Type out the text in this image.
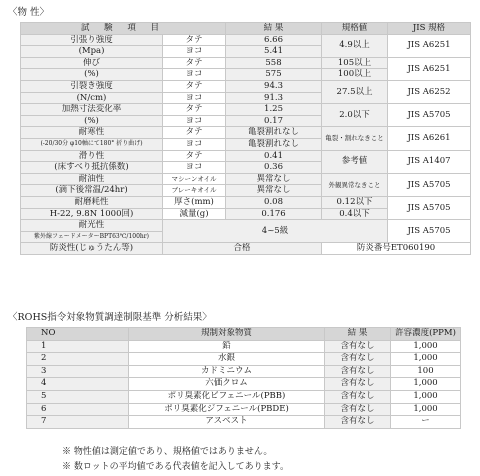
〈物 性〉
試 験 項 目		結 果	規格値	JIS 規格
引張り強度	タテ	6.66	4.9以上	JIS A6251
(Mpa)	ヨコ	5.41		
伸び	タテ	558	105以上	JIS A6251
(%)	ヨコ	575	100以上	
引裂き強度	タテ	94.3	27.5以上	JIS A6252
(N/cm)	ヨコ	91.3		
加熱寸法変化率	タテ	1.25	2.0以下	JIS A5705
(%)	ヨコ	0.17		
耐寒性	タテ	亀裂割れなし	亀裂・割れなきこと	JIS A6261
(-20/30分 φ10軸にて180° 折り曲げ)	ヨコ	亀裂割れなし		
滑り性	タテ	0.41	参考値	JIS A1407
(床すべり抵抗係数)	ヨコ	0.36		
耐油性	マシーンオイル	異常なし	外観異常なきこと	JIS A5705
(滴下後常温/24hr)	ブレーキオイル	異常なし		
耐磨耗性	厚さ(mm)	0.08	0.12以下	JIS A5705
H-22, 9.8N 1000回)	減量(g)	0.176	0.4以下	
耐光性	4~5級			JIS A5705
紫外線フェードメーターBPT63℃/100hr)				
防炎性(じゅうたん等)	合格		防炎番号ET060190	
〈ROHS指令対象物質調達制限基準 分析結果〉
NO	規制対象物質	結 果	許容濃度(PPM)
1	鉛	含有なし	1,000
2	水銀	含有なし	1,000
3	カドミニウム	含有なし	100
4	六価クロム	含有なし	1,000
5	ポリ臭素化ビフェニール(PBB)	含有なし	1,000
6	ポリ臭素化ジフェニール(PBDE)	含有なし	1,000
7	アスベスト	含有なし	ー
※ 物性値は測定値であり、規格値ではありません。
※ 数ロットの平均値である代表値を記入してあります。
